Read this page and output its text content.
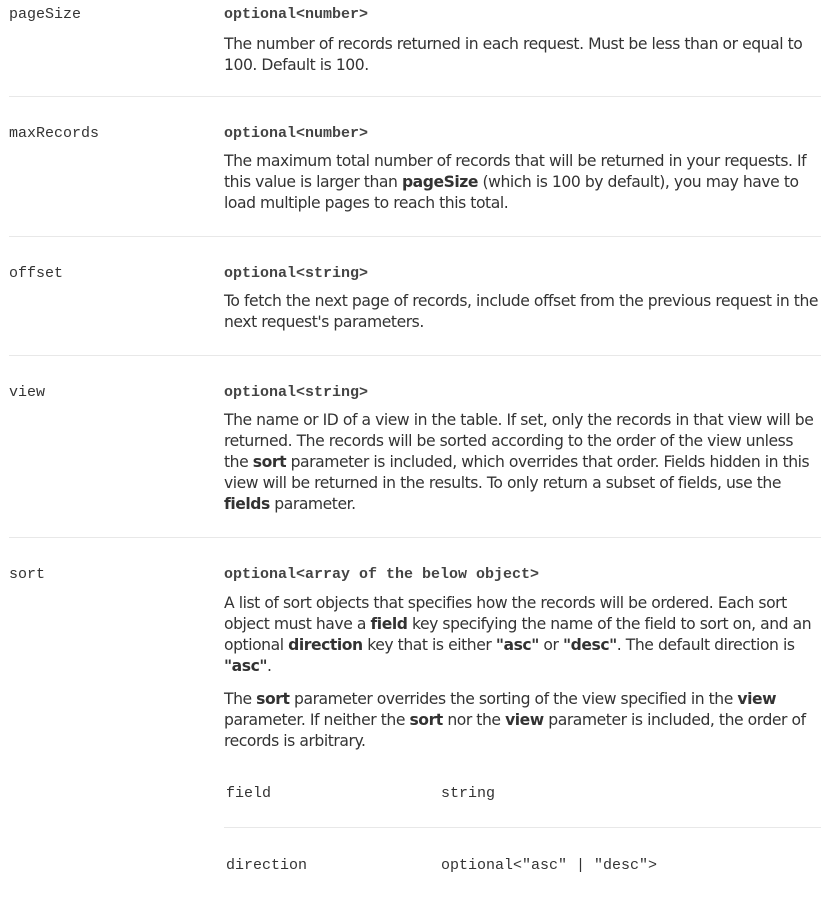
pageSize	optional<number>

The number of records returned in each request. Must be less than or equal to 100. Default is 100.

maxRecords	optional<number>

The maximum total number of records that will be returned in your requests. If this value is larger than pageSize (which is 100 by default), you may have to load multiple pages to reach this total.

offset	optional<string>

To fetch the next page of records, include offset from the previous request in the next request's parameters.

view	optional<string>

The name or ID of a view in the table. If set, only the records in that view will be returned. The records will be sorted according to the order of the view unless the sort parameter is included, which overrides that order. Fields hidden in this view will be returned in the results. To only return a subset of fields, use the fields parameter.

sort	optional<array of the below object>

A list of sort objects that specifies how the records will be ordered. Each sort object must have a field key specifying the name of the field to sort on, and an optional direction key that is either "asc" or "desc". The default direction is "asc".

The sort parameter overrides the sorting of the view specified in the view parameter. If neither the sort nor the view parameter is included, the order of records is arbitrary.

field	string
direction	optional<"asc" | "desc">
